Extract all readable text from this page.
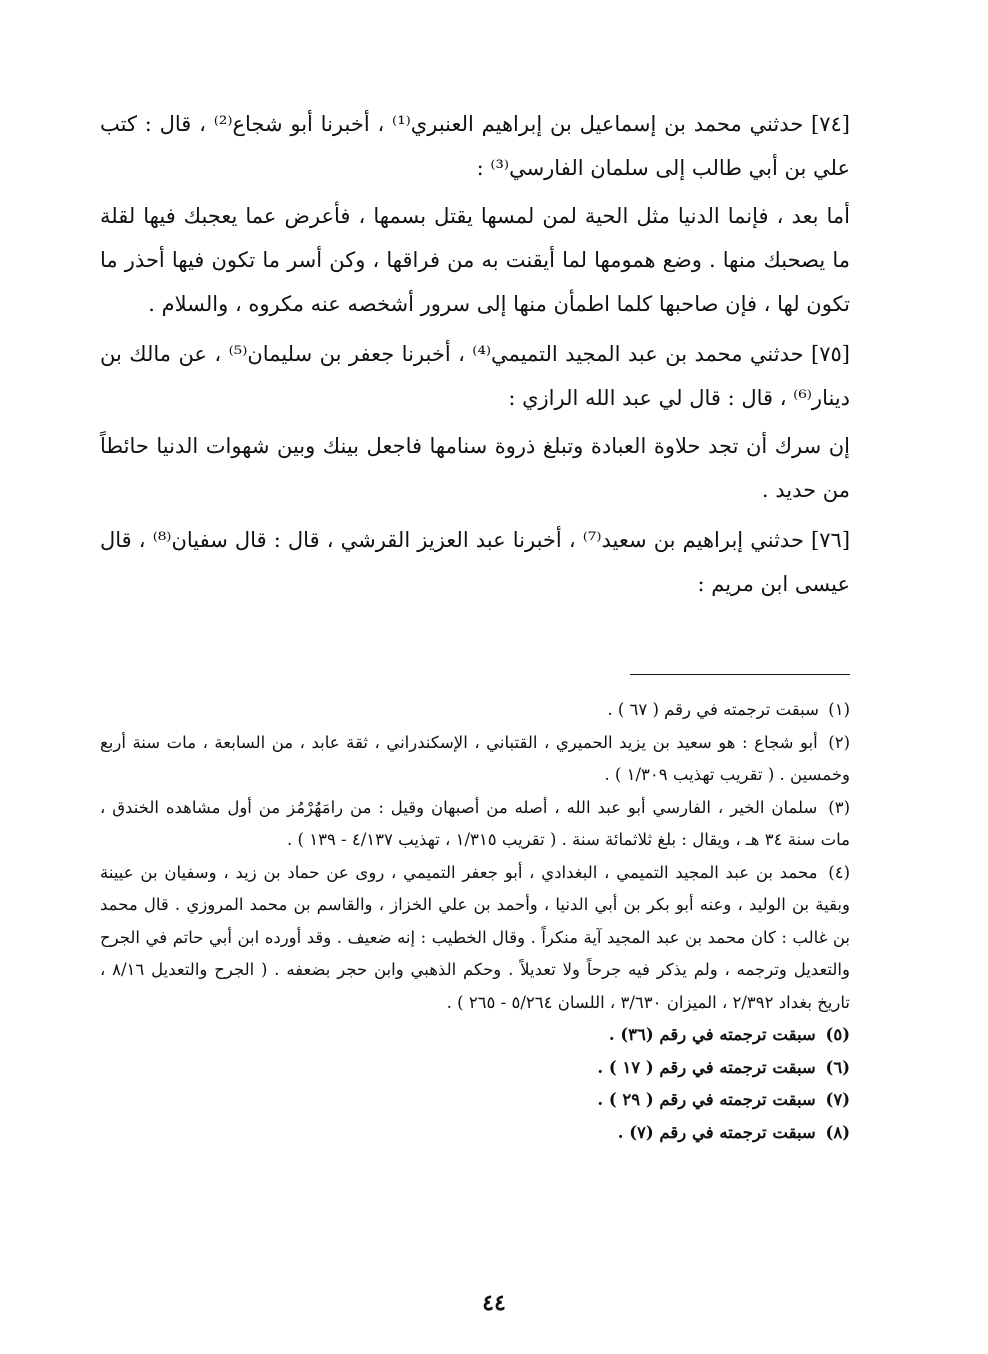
[٧٤] حدثني محمد بن إسماعيل بن إبراهيم العنبري⁽¹⁾ ، أخبرنا أبو شجاع⁽²⁾ ، قال : كتب علي بن أبي طالب إلى سلمان الفارسي⁽³⁾ :

أما بعد ، فإنما الدنيا مثل الحية لمن لمسها يقتل بسمها ، فأعرض عما يعجبك فيها لقلة ما يصحبك منها . وضع همومها لما أيقنت به من فراقها ، وكن أسر ما تكون فيها أحذر ما تكون لها ، فإن صاحبها كلما اطمأن منها إلى سرور أشخصه عنه مكروه ، والسلام .

[٧٥] حدثني محمد بن عبد المجيد التميمي⁽⁴⁾ ، أخبرنا جعفر بن سليمان⁽⁵⁾ ، عن مالك بن دينار⁽⁶⁾ ، قال : قال لي عبد الله الرازي :

إن سرك أن تجد حلاوة العبادة وتبلغ ذروة سنامها فاجعل بينك وبين شهوات الدنيا حائطاً من حديد .

[٧٦] حدثني إبراهيم بن سعيد⁽⁷⁾ ، أخبرنا عبد العزيز القرشي ، قال : قال سفيان⁽⁸⁾ ، قال عيسى ابن مريم :

(١) سبقت ترجمته في رقم ( ٦٧ ) .

(٢) أبو شجاع : هو سعيد بن يزيد الحميري ، القتباني ، الإسكندراني ، ثقة عابد ، من السابعة ، مات سنة أربع وخمسين . ( تقريب تهذيب ١/٣٠٩ ) .

(٣) سلمان الخير ، الفارسي أبو عبد الله ، أصله من أصبهان وقيل : من رامَهُرْمُز من أول مشاهده الخندق ، مات سنة ٣٤ هـ ، ويقال : بلغ ثلاثمائة سنة . ( تقريب ١/٣١٥ ، تهذيب ٤/١٣٧ - ١٣٩ ) .

(٤) محمد بن عبد المجيد التميمي ، البغدادي ، أبو جعفر التميمي ، روى عن حماد بن زيد ، وسفيان بن عيينة وبقية بن الوليد ، وعنه أبو بكر بن أبي الدنيا ، وأحمد بن علي الخزاز ، والقاسم بن محمد المروزي . قال محمد بن غالب : كان محمد بن عبد المجيد آية منكراً . وقال الخطيب : إنه ضعيف . وقد أورده ابن أبي حاتم في الجرح والتعديل وترجمه ، ولم يذكر فيه جرحاً ولا تعديلاً . وحكم الذهبي وابن حجر بضعفه . ( الجرح والتعديل ٨/١٦ ، تاريخ بغداد ٢/٣٩٢ ، الميزان ٣/٦٣٠ ، اللسان ٥/٢٦٤ - ٢٦٥ ) .

(٥) سبقت ترجمته في رقم (٣٦) .

(٦) سبقت ترجمته في رقم ( ١٧ ) .

(٧) سبقت ترجمته في رقم ( ٢٩ ) .

(٨) سبقت ترجمته في رقم (٧) .

٤٤
